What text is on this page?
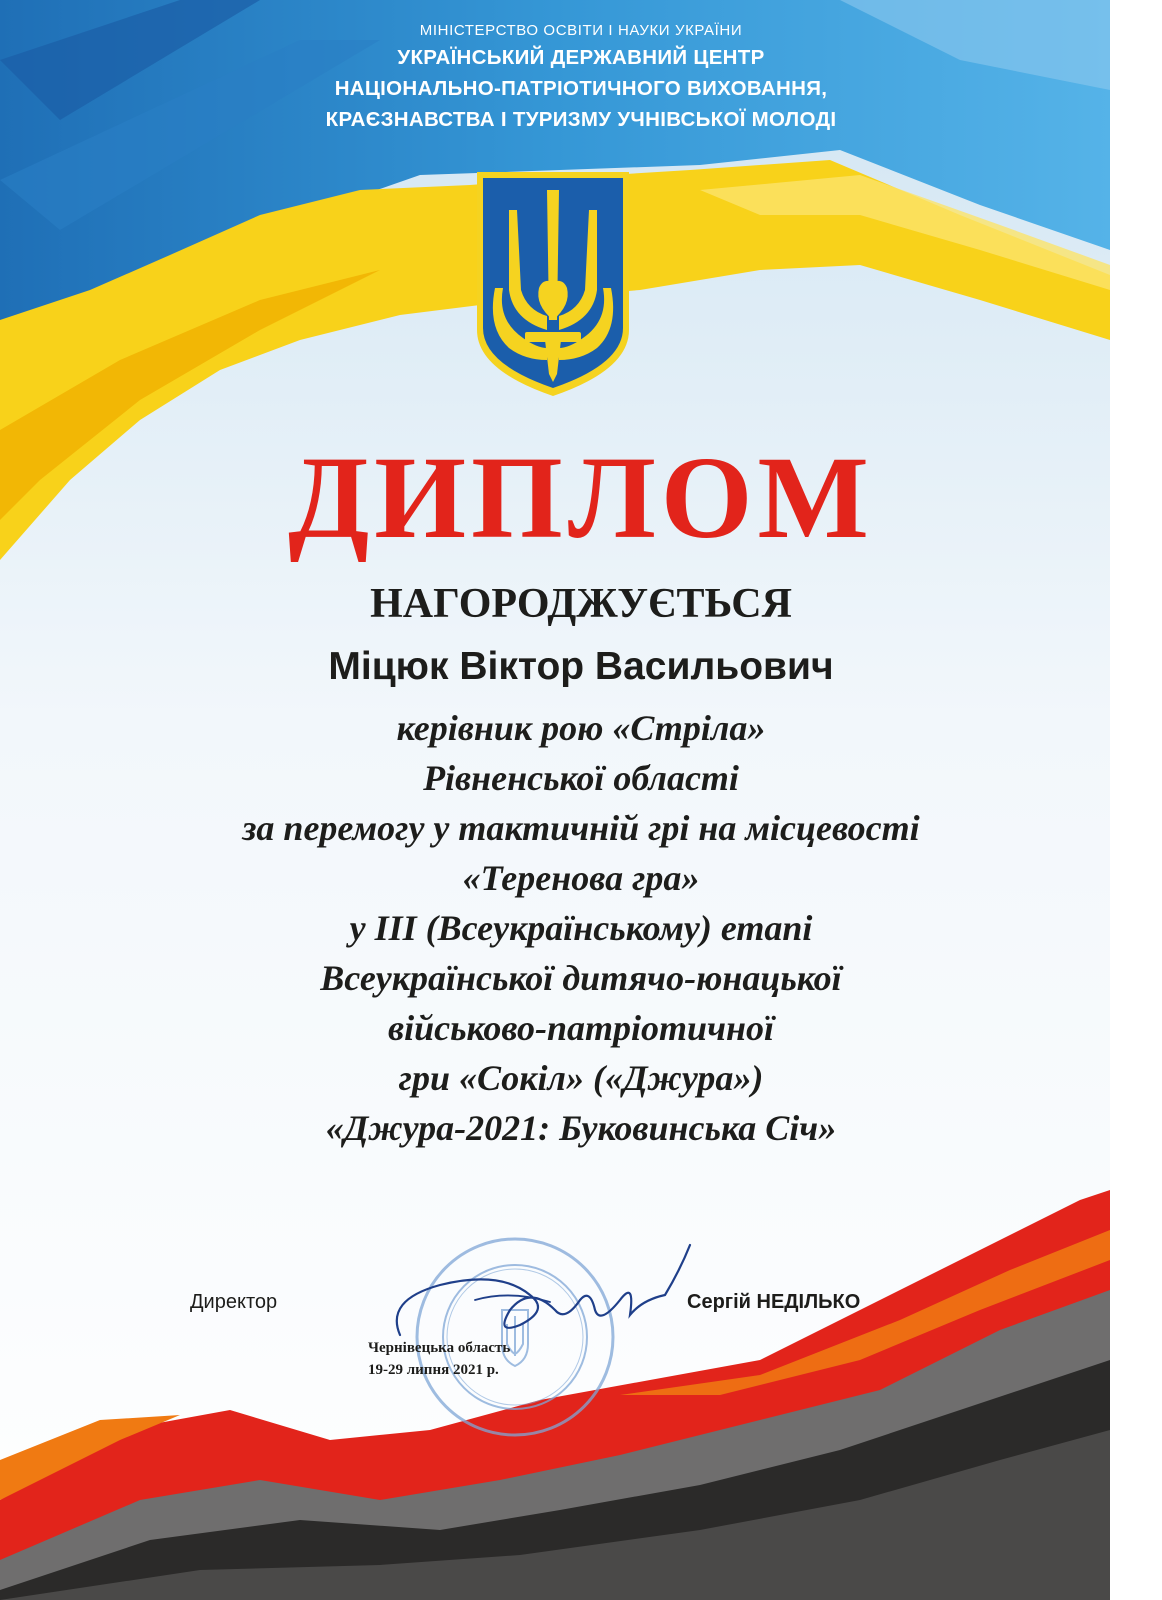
МІНІСТЕРСТВО ОСВІТИ І НАУКИ УКРАЇНИ
УКРАЇНСЬКИЙ ДЕРЖАВНИЙ ЦЕНТР
НАЦІОНАЛЬНО-ПАТРІОТИЧНОГО ВИХОВАННЯ,
КРАЄЗНАВСТВА І ТУРИЗМУ УЧНІВСЬКОЇ МОЛОДІ
ДИПЛОМ
НАГОРОДЖУЄТЬСЯ
Міцюк Віктор Васильович
керівник рою «Стріла»
Рівненської області
за перемогу у тактичній грі на місцевості
«Теренова гра»
у ІІІ (Всеукраїнському) етапі
Всеукраїнської дитячо-юнацької
військово-патріотичної
гри «Сокіл» («Джура»)
«Джура-2021: Буковинська Січ»
Директор	Сергій НЕДІЛЬКО
Чернівецька область
19-29 липня 2021 р.
